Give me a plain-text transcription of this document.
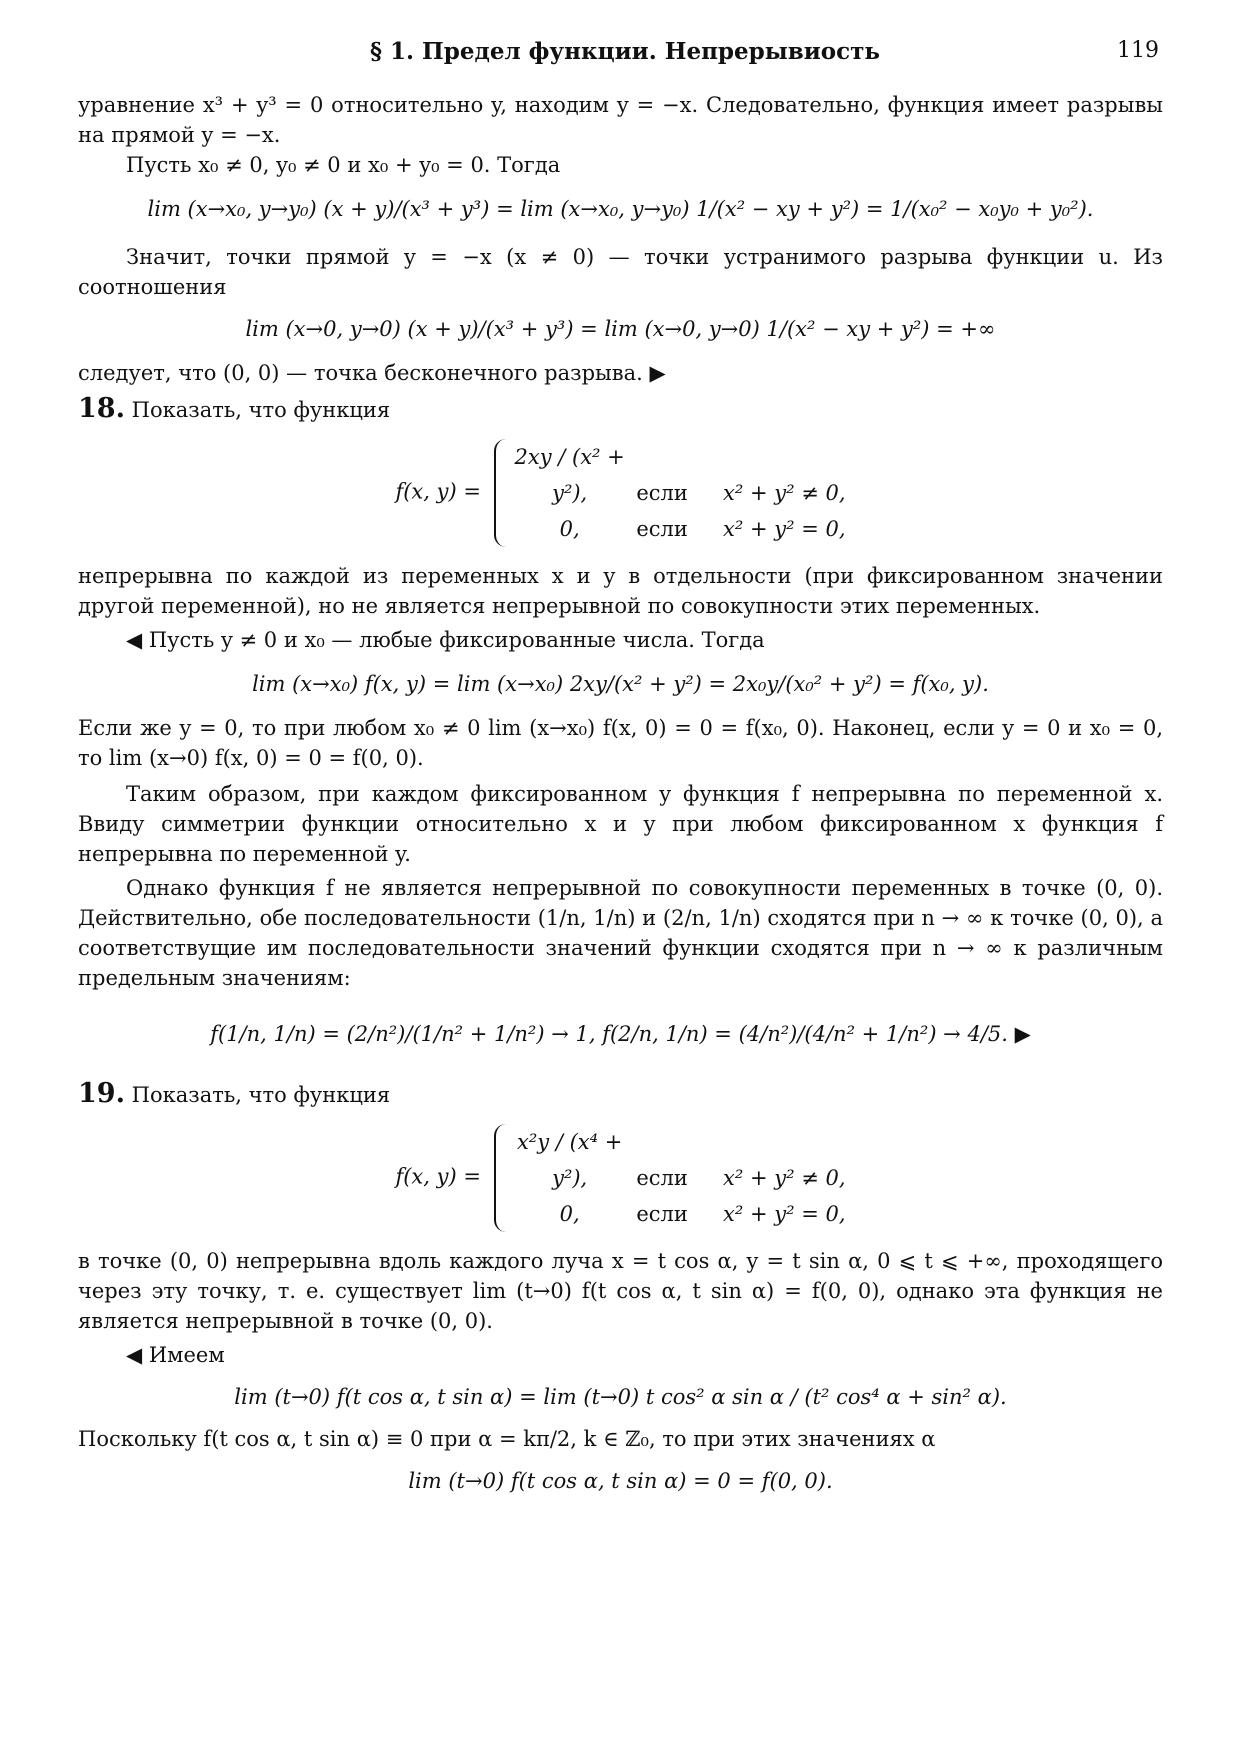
§ 1. Предел функции. Непрерывиость	119

уравнение x³ + y³ = 0 относительно y, находим y = −x. Следовательно, функция имеет разрывы на прямой y = −x.

Пусть x₀ ≠ 0, y₀ ≠ 0 и x₀ + y₀ = 0. Тогда

lim (x→x₀, y→y₀) (x + y)/(x³ + y³) = lim (x→x₀, y→y₀) 1/(x² − xy + y²) = 1/(x₀² − x₀y₀ + y₀²).

Значит, точки прямой y = −x (x ≠ 0) — точки устранимого разрыва функции u. Из соотношения

lim (x→0, y→0) (x + y)/(x³ + y³) = lim (x→0, y→0) 1/(x² − xy + y²) = +∞

следует, что (0, 0) — точка бесконечного разрыва. ▶

18. Показать, что функция

f(x, y) =
2xy / (x² + y²), если x² + y² ≠ 0,
0,	если x² + y² = 0,

непрерывна по каждой из переменных x и y в отдельности (при фиксированном значении другой переменной), но не является непрерывной по совокупности этих переменных.

◀ Пусть y ≠ 0 и x₀ — любые фиксированные числа. Тогда

lim (x→x₀) f(x, y) = lim (x→x₀) 2xy/(x² + y²) = 2x₀y/(x₀² + y²) = f(x₀, y).

Если же y = 0, то при любом x₀ ≠ 0 lim (x→x₀) f(x, 0) = 0 = f(x₀, 0). Наконец, если y = 0 и x₀ = 0, то lim (x→0) f(x, 0) = 0 = f(0, 0).

Таким образом, при каждом фиксированном y функция f непрерывна по переменной x. Ввиду симметрии функции относительно x и y при любом фиксированном x функция f непрерывна по переменной y.

Однако функция f не является непрерывной по совокупности переменных в точке (0, 0). Действительно, обе последовательности (1/n, 1/n) и (2/n, 1/n) сходятся при n → ∞ к точке (0, 0), а соответствущие им последовательности значений функции сходятся при n → ∞ к различным предельным значениям:

f(1/n, 1/n) = (2/n²)/(1/n² + 1/n²) → 1, f(2/n, 1/n) = (4/n²)/(4/n² + 1/n²) → 4/5. ▶

19. Показать, что функция

f(x, y) =
x²y / (x⁴ + y²), если x² + y² ≠ 0,
0,	если x² + y² = 0,

в точке (0, 0) непрерывна вдоль каждого луча x = t cos α, y = t sin α, 0 ⩽ t ⩽ +∞, проходящего через эту точку, т. е. существует lim (t→0) f(t cos α, t sin α) = f(0, 0), однако эта функция не является непрерывной в точке (0, 0).

◀ Имеем

lim (t→0) f(t cos α, t sin α) = lim (t→0) t cos² α sin α / (t² cos⁴ α + sin² α).

Поскольку f(t cos α, t sin α) ≡ 0 при α = kπ/2, k ∈ ℤ₀, то при этих значениях α

lim (t→0) f(t cos α, t sin α) = 0 = f(0, 0).
